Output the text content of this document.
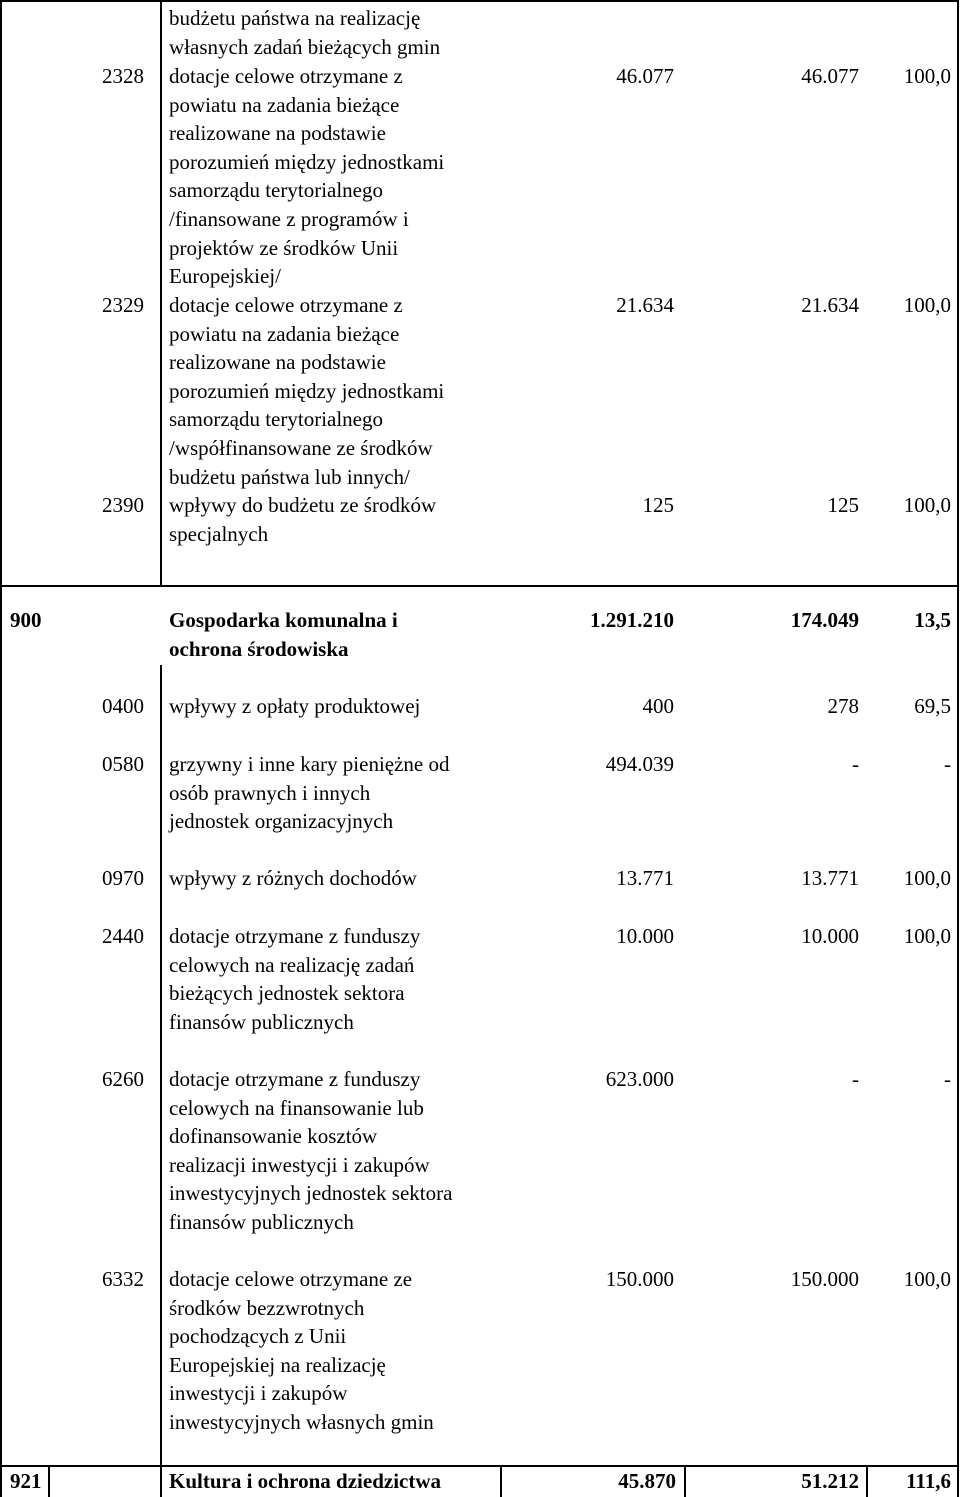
budżetu państwa na realizację
własnych zadań bieżących gmin
2328 dotacje celowe otrzymane z
powiatu na zadania bieżące
realizowane na podstawie
porozumień między jednostkami
samorządu terytorialnego
/finansowane z programów i
projektów ze środków Unii
Europejskiej/
46.077	46.077	100,0
2329 dotacje celowe otrzymane z
powiatu na zadania bieżące
realizowane na podstawie
porozumień między jednostkami
samorządu terytorialnego
/współfinansowane ze środków
budżetu państwa lub innych/
21.634	21.634	100,0
2390 wpływy do budżetu ze środków
specjalnych
125	125	100,0
900	Gospodarka komunalna i
ochrona środowiska
1.291.210	174.049	13,5
0400 wpływy z opłaty produktowej	400	278	69,5
0580 grzywny i inne kary pieniężne od
osób prawnych i innych
jednostek organizacyjnych
494.039	-	-
0970 wpływy z różnych dochodów	13.771	13.771	100,0
2440 dotacje otrzymane z funduszy
celowych na realizację zadań
bieżących jednostek sektora
finansów publicznych
10.000	10.000	100,0
6260 dotacje otrzymane z funduszy
celowych na finansowanie lub
dofinansowanie kosztów
realizacji inwestycji i zakupów
inwestycyjnych jednostek sektora
finansów publicznych
623.000	-	-
6332 dotacje celowe otrzymane ze
środków bezzwrotnych
pochodzących z Unii
Europejskiej na realizację
inwestycji i zakupów
inwestycyjnych własnych gmin
150.000	150.000	100,0
921	Kultura i ochrona dziedzictwa	45.870	51.212	111,6
